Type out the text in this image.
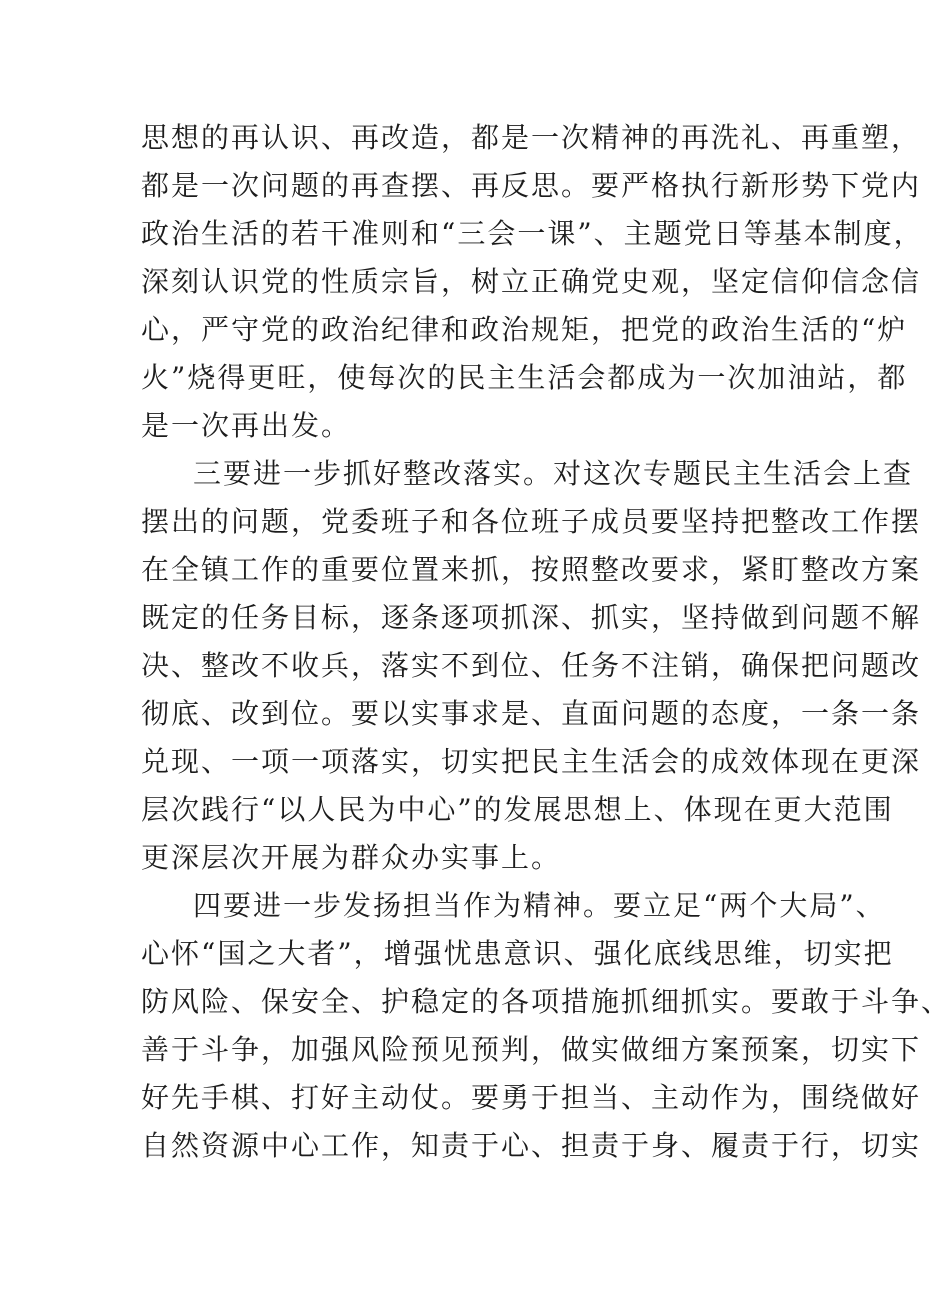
思想的再认识、再改造，都是一次精神的再洗礼、再重塑，
都是一次问题的再查摆、再反思。要严格执行新形势下党内
政治生活的若干准则和“三会一课”、主题党日等基本制度，
深刻认识党的性质宗旨，树立正确党史观，坚定信仰信念信
心，严守党的政治纪律和政治规矩，把党的政治生活的“炉
火”烧得更旺，使每次的民主生活会都成为一次加油站，都
是一次再出发。
三要进一步抓好整改落实。对这次专题民主生活会上查
摆出的问题，党委班子和各位班子成员要坚持把整改工作摆
在全镇工作的重要位置来抓，按照整改要求，紧盯整改方案
既定的任务目标，逐条逐项抓深、抓实，坚持做到问题不解
决、整改不收兵，落实不到位、任务不注销，确保把问题改
彻底、改到位。要以实事求是、直面问题的态度，一条一条
兑现、一项一项落实，切实把民主生活会的成效体现在更深
层次践行“以人民为中心”的发展思想上、体现在更大范围
更深层次开展为群众办实事上。
四要进一步发扬担当作为精神。要立足“两个大局”、
心怀“国之大者”，增强忧患意识、强化底线思维，切实把
防风险、保安全、护稳定的各项措施抓细抓实。要敢于斗争、
善于斗争，加强风险预见预判，做实做细方案预案，切实下
好先手棋、打好主动仗。要勇于担当、主动作为，围绕做好
自然资源中心工作，知责于心、担责于身、履责于行，切实
